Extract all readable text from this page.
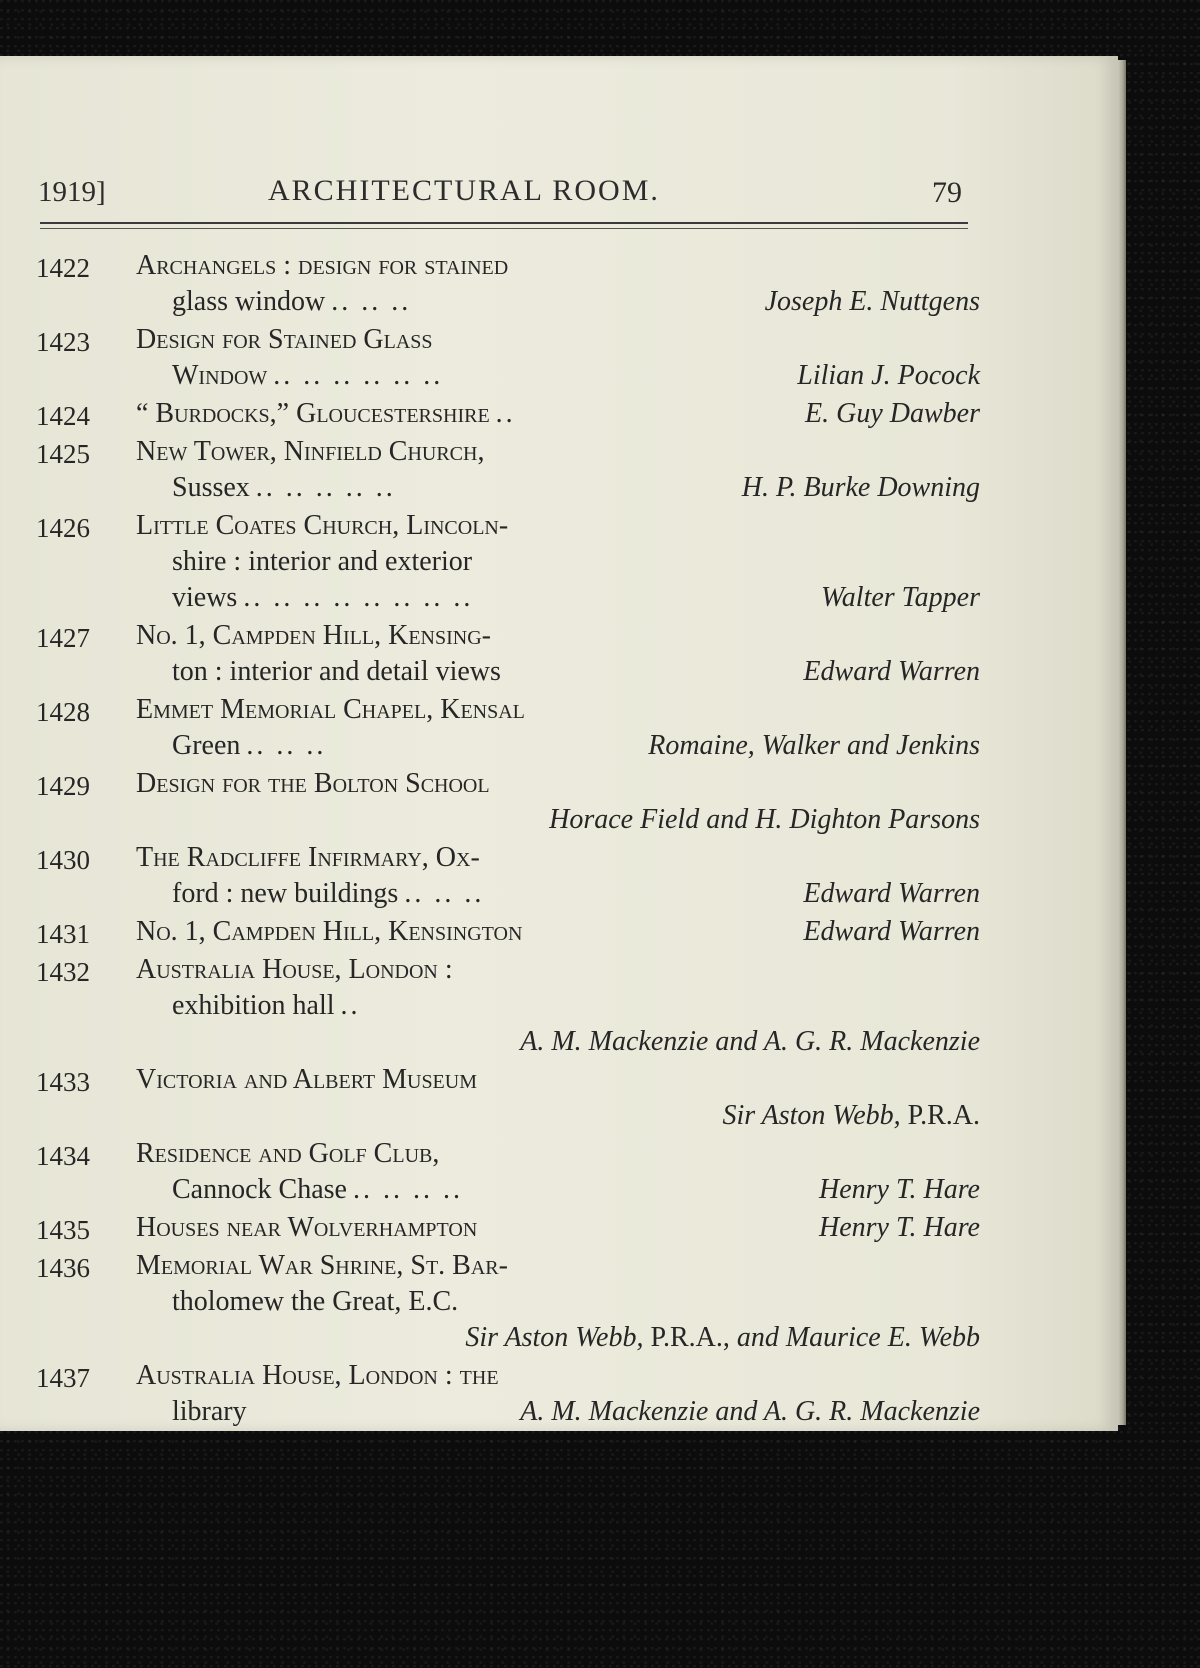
1919]	ARCHITECTURAL ROOM.	79
1422 Archangels : design for stained
glass window .. .. ..	Joseph E. Nuttgens
1423 Design for Stained Glass
Window .. .. .. .. .. ..	Lilian J. Pocock
1424 “ Burdocks,” Gloucestershire ..	E. Guy Dawber
1425 New Tower, Ninfield Church,
Sussex .. .. .. .. ..	H. P. Burke Downing
1426 Little Coates Church, Lincoln-
shire : interior and exterior
views .. .. .. .. .. .. .. ..	Walter Tapper
1427 No. 1, Campden Hill, Kensing-
ton : interior and detail views	Edward Warren
1428 Emmet Memorial Chapel, Kensal
Green .. .. ..	Romaine, Walker and Jenkins
1429 Design for the Bolton School
Horace Field and H. Dighton Parsons
1430 The Radcliffe Infirmary, Ox-
ford : new buildings .. .. ..	Edward Warren
1431 No. 1, Campden Hill, Kensington	Edward Warren
1432 Australia House, London :
exhibition hall ..
A. M. Mackenzie and A. G. R. Mackenzie
1433 Victoria and Albert Museum
Sir Aston Webb, P.R.A.
1434 Residence and Golf Club,
Cannock Chase .. .. .. ..	Henry T. Hare
1435 Houses near Wolverhampton	Henry T. Hare
1436 Memorial War Shrine, St. Bar-
tholomew the Great, E.C.
Sir Aston Webb, P.R.A., and Maurice E. Webb
1437 Australia House, London : the
library	A. M. Mackenzie and A. G. R. Mackenzie
